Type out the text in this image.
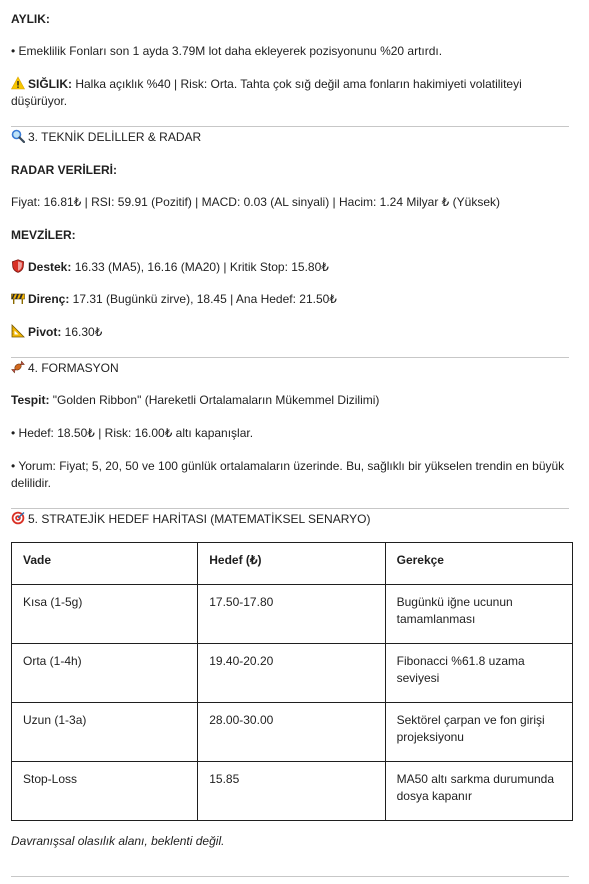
AYLIK:
• Emeklilik Fonları son 1 ayda 3.79M lot daha ekleyerek pozisyonunu %20 artırdı.
SIĞLIK: Halka açıklık %40 | Risk: Orta. Tahta çok sığ değil ama fonların hakimiyeti volatiliteyi düşürüyor.
3. TEKNİK DELİLLER & RADAR
RADAR VERİLERİ:
Fiyat: 16.81₺ | RSI: 59.91 (Pozitif) | MACD: 0.03 (AL sinyali) | Hacim: 1.24 Milyar ₺ (Yüksek)
MEVZİLER:
Destek: 16.33 (MA5), 16.16 (MA20) | Kritik Stop: 15.80₺
Direnç: 17.31 (Bugünkü zirve), 18.45 | Ana Hedef: 21.50₺
Pivot: 16.30₺
4. FORMASYON
Tespit: "Golden Ribbon" (Hareketli Ortalamaların Mükemmel Dizilimi)
• Hedef: 18.50₺ | Risk: 16.00₺ altı kapanışlar.
• Yorum: Fiyat; 5, 20, 50 ve 100 günlük ortalamaların üzerinde. Bu, sağlıklı bir yükselen trendin en büyük delilidir.
5. STRATEJİK HEDEF HARİTASI (MATEMATİKSEL SENARYO)
Vade	Hedef (₺)	Gerekçe
Kısa (1-5g)	17.50-17.80	Bugünkü iğne ucunun tamamlanması
Orta (1-4h)	19.40-20.20	Fibonacci %61.8 uzama seviyesi
Uzun (1-3a)	28.00-30.00	Sektörel çarpan ve fon girişi projeksiyonu
Stop-Loss	15.85	MA50 altı sarkma durumunda dosya kapanır
Davranışsal olasılık alanı, beklenti değil.
